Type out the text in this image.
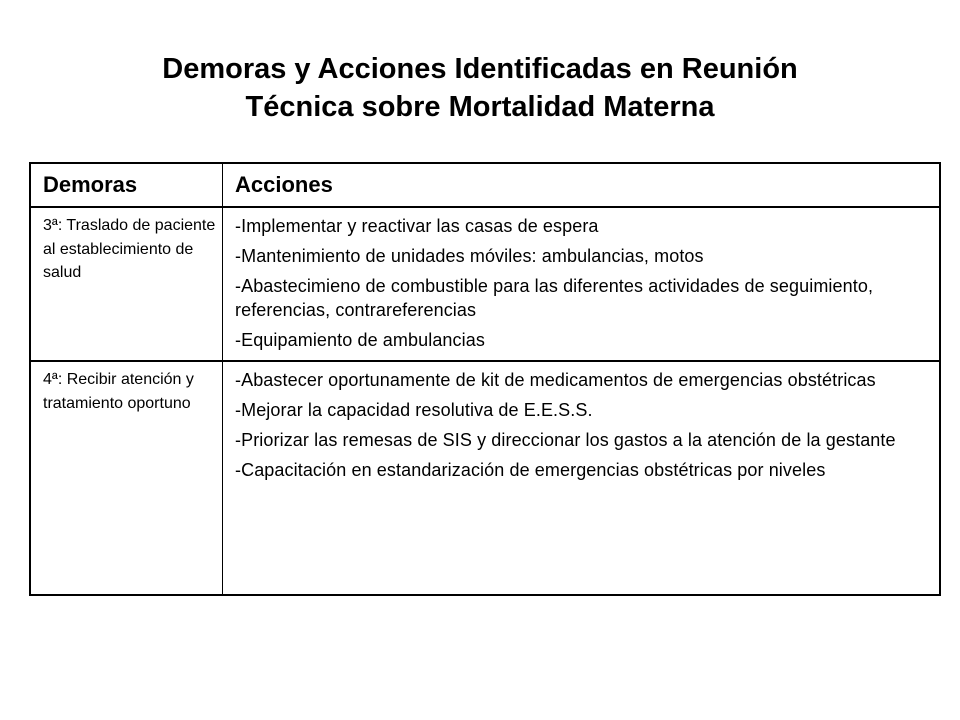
Demoras y Acciones Identificadas en Reunión
Técnica sobre Mortalidad Materna
Demoras	Acciones
3ª: Traslado de paciente al establecimiento de salud	-Implementar y reactivar las casas de espera
-Mantenimiento de unidades móviles: ambulancias, motos
-Abastecimieno de combustible para las diferentes actividades de seguimiento, referencias, contrareferencias
-Equipamiento de ambulancias

4ª: Recibir atención y tratamiento oportuno	-Abastecer oportunamente de kit de medicamentos de emergencias obstétricas
-Mejorar la capacidad resolutiva de E.E.S.S.
-Priorizar las remesas de SIS y direccionar los gastos a la atención de la gestante
-Capacitación en estandarización de emergencias obstétricas por niveles
